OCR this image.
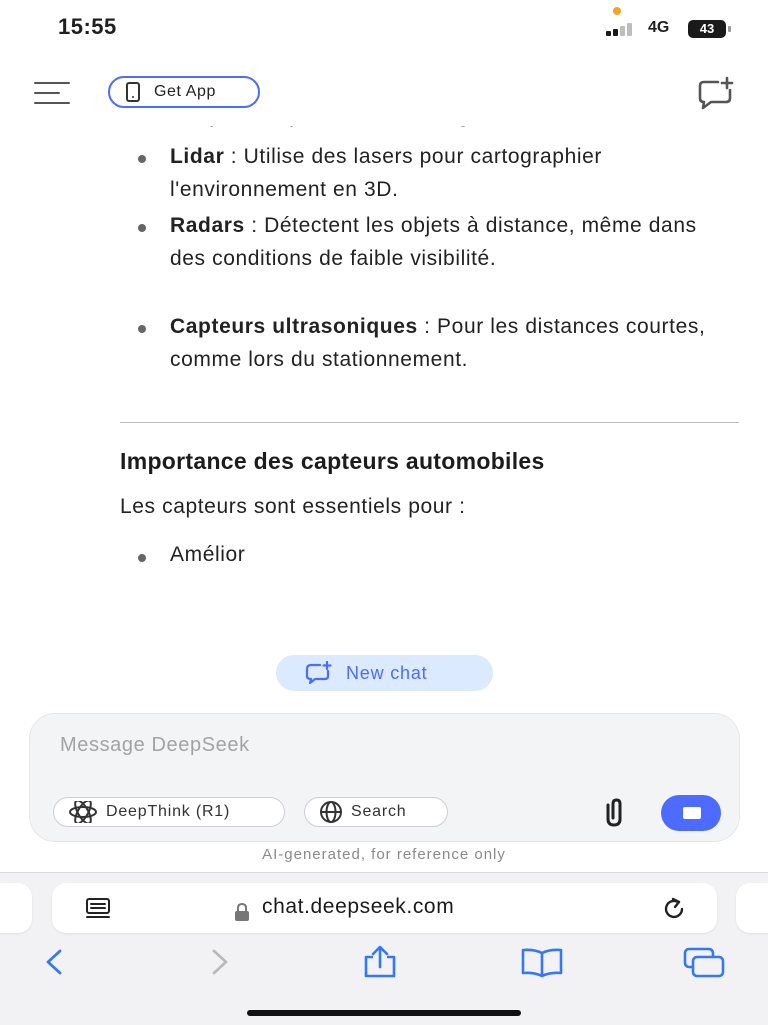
15:55	4G	43
Get App
Lidar : Utilise des lasers pour cartographier l'environnement en 3D.
Radars : Détectent les objets à distance, même dans des conditions de faible visibilité.
Capteurs ultrasoniques : Pour les distances courtes, comme lors du stationnement.
Importance des capteurs automobiles
Les capteurs sont essentiels pour :
Amélior
New chat
Message DeepSeek
DeepThink (R1)	Search
AI-generated, for reference only
chat.deepseek.com
